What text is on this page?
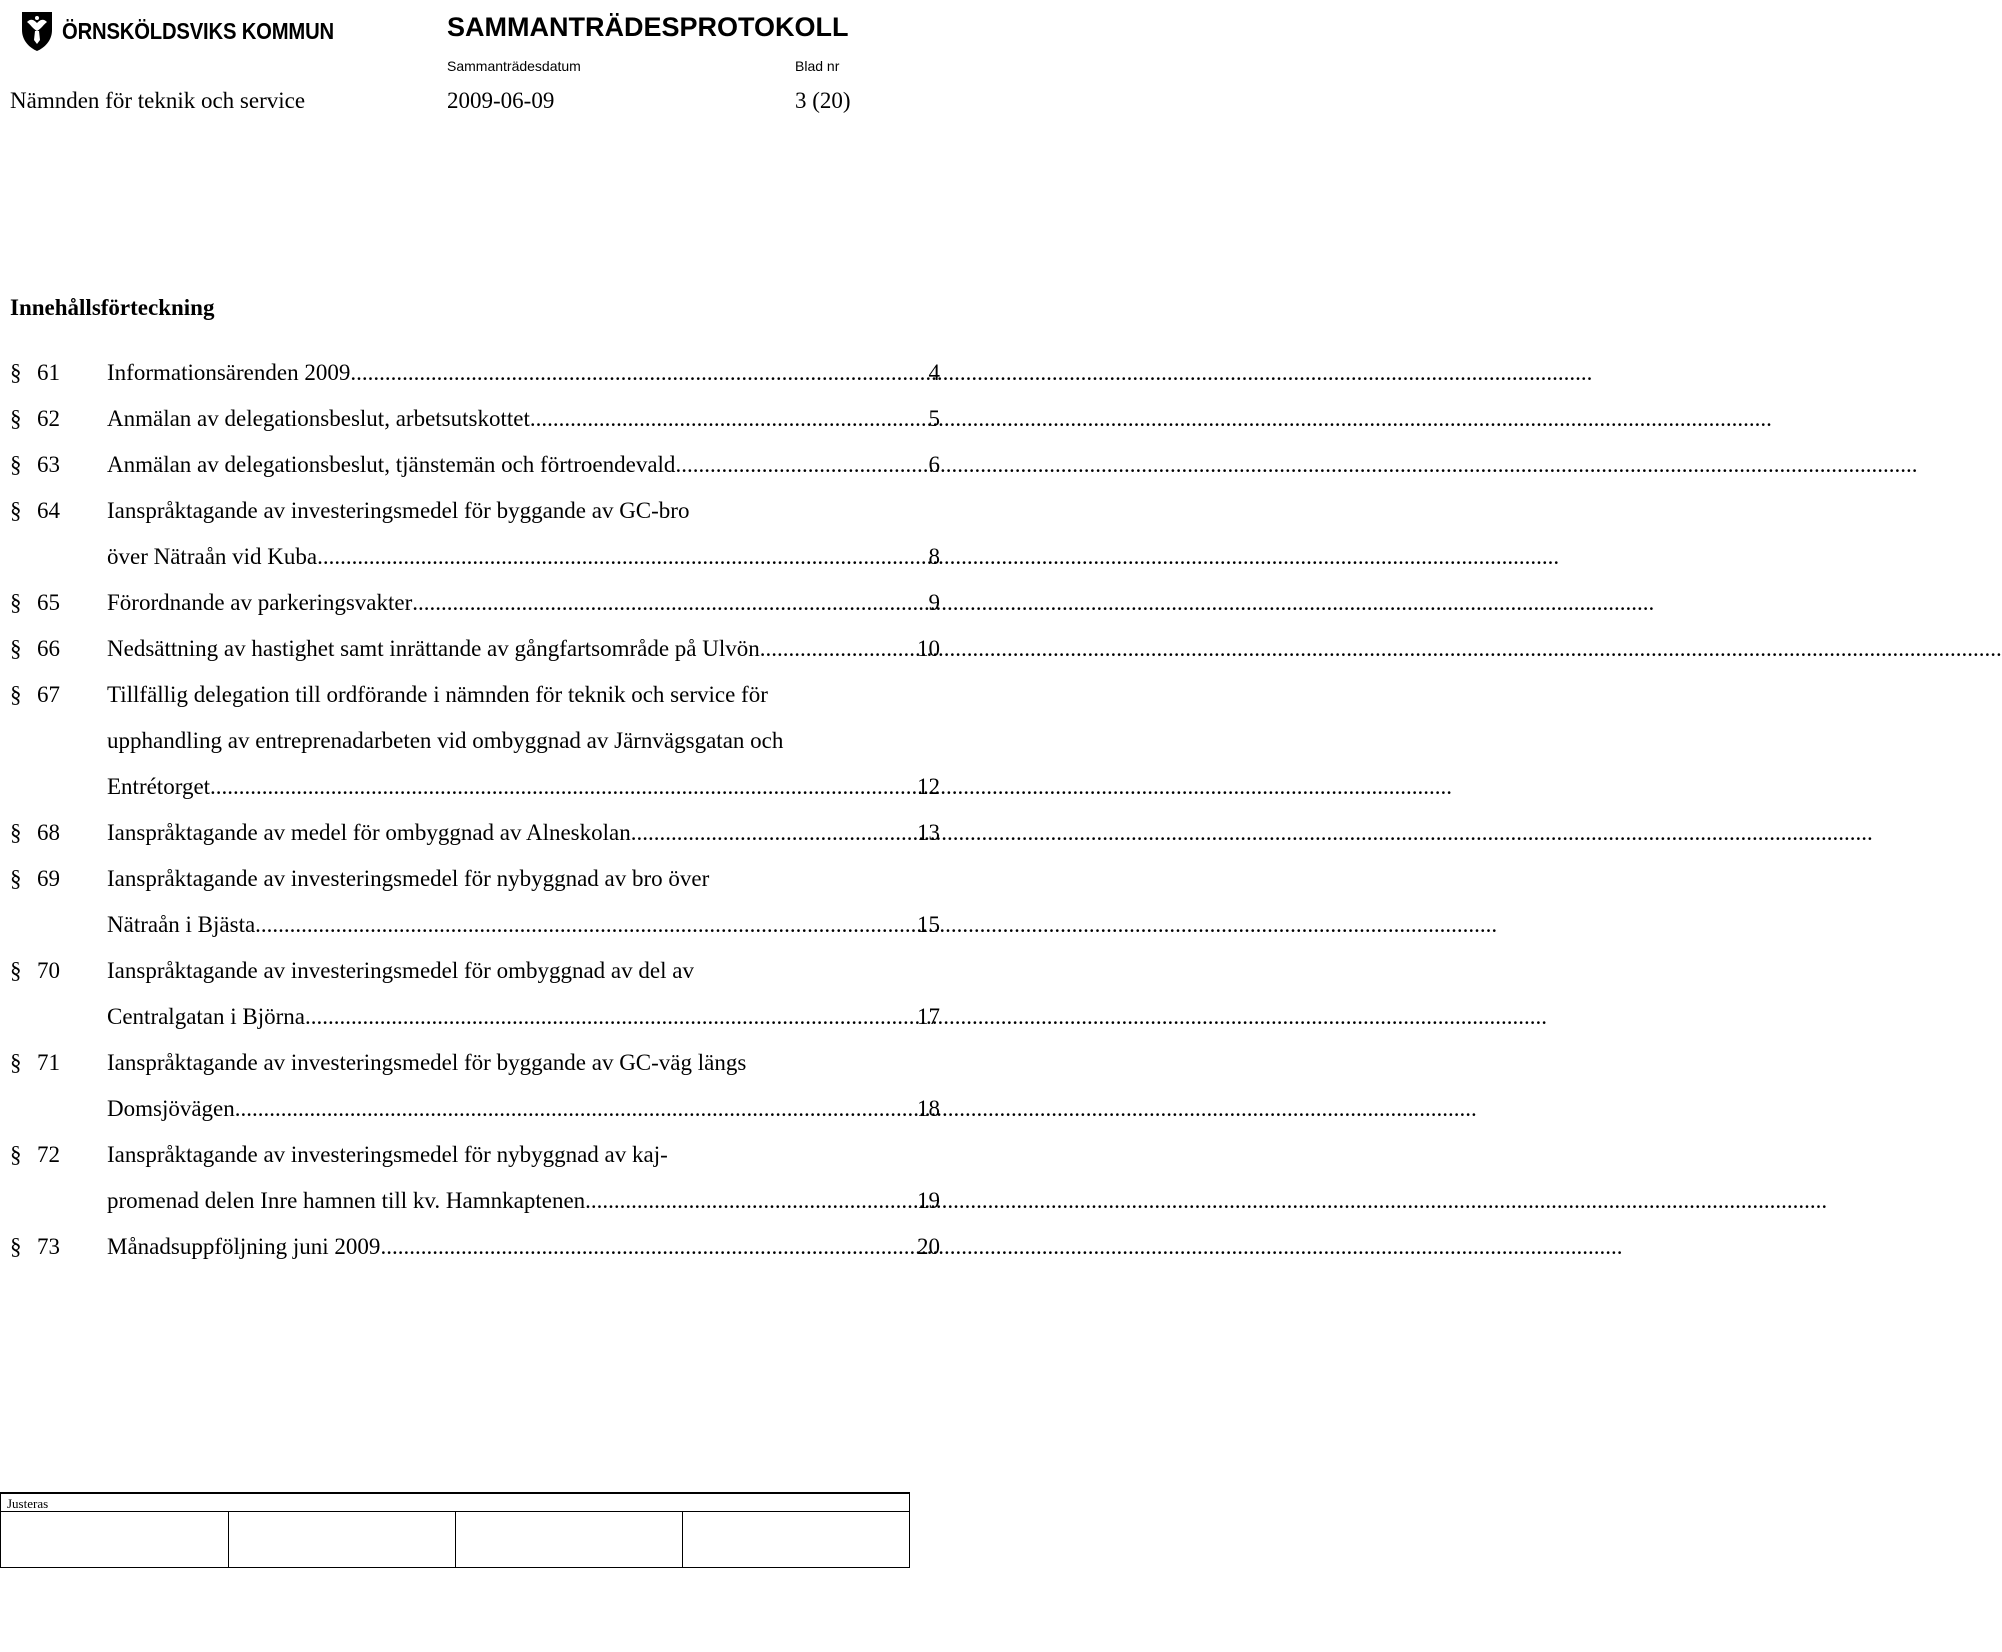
ÖRNSKÖLDSVIKS KOMMUN	SAMMANTRÄDESPROTOKOLL
Sammanträdesdatum	Blad nr
Nämnden för teknik och service	2009-06-09	3 (20)
Innehållsförteckning
§ 61	Informationsärenden 2009 .....	4
§ 62	Anmälan av delegationsbeslut, arbetsutskottet .....	5
§ 63	Anmälan av delegationsbeslut, tjänstemän och förtroendevald .....	6
§ 64	Ianspråktagande av investeringsmedel för byggande av GC-bro
över Nätraån vid Kuba .....	8
§ 65	Förordnande av parkeringsvakter .....	9
§ 66	Nedsättning av hastighet samt inrättande av gångfartsområde på Ulvön .....	10
§ 67	Tillfällig delegation till ordförande i nämnden för teknik och service för
upphandling av entreprenadarbeten vid ombyggnad av Järnvägsgatan och
Entrétorget .....	12
§ 68	Ianspråktagande av medel för ombyggnad av Alneskolan .....	13
§ 69	Ianspråktagande av investeringsmedel för nybyggnad av bro över
Nätraån i Bjästa .....	15
§ 70	Ianspråktagande av investeringsmedel för ombyggnad av del av
Centralgatan i Björna .....	17
§ 71	Ianspråktagande av investeringsmedel för byggande av GC-väg längs
Domsjövägen .....	18
§ 72	Ianspråktagande av investeringsmedel för nybyggnad av kaj-
promenad delen Inre hamnen till kv. Hamnkaptenen .....	19
§ 73	Månadsuppföljning juni 2009 .....	20
Justeras
